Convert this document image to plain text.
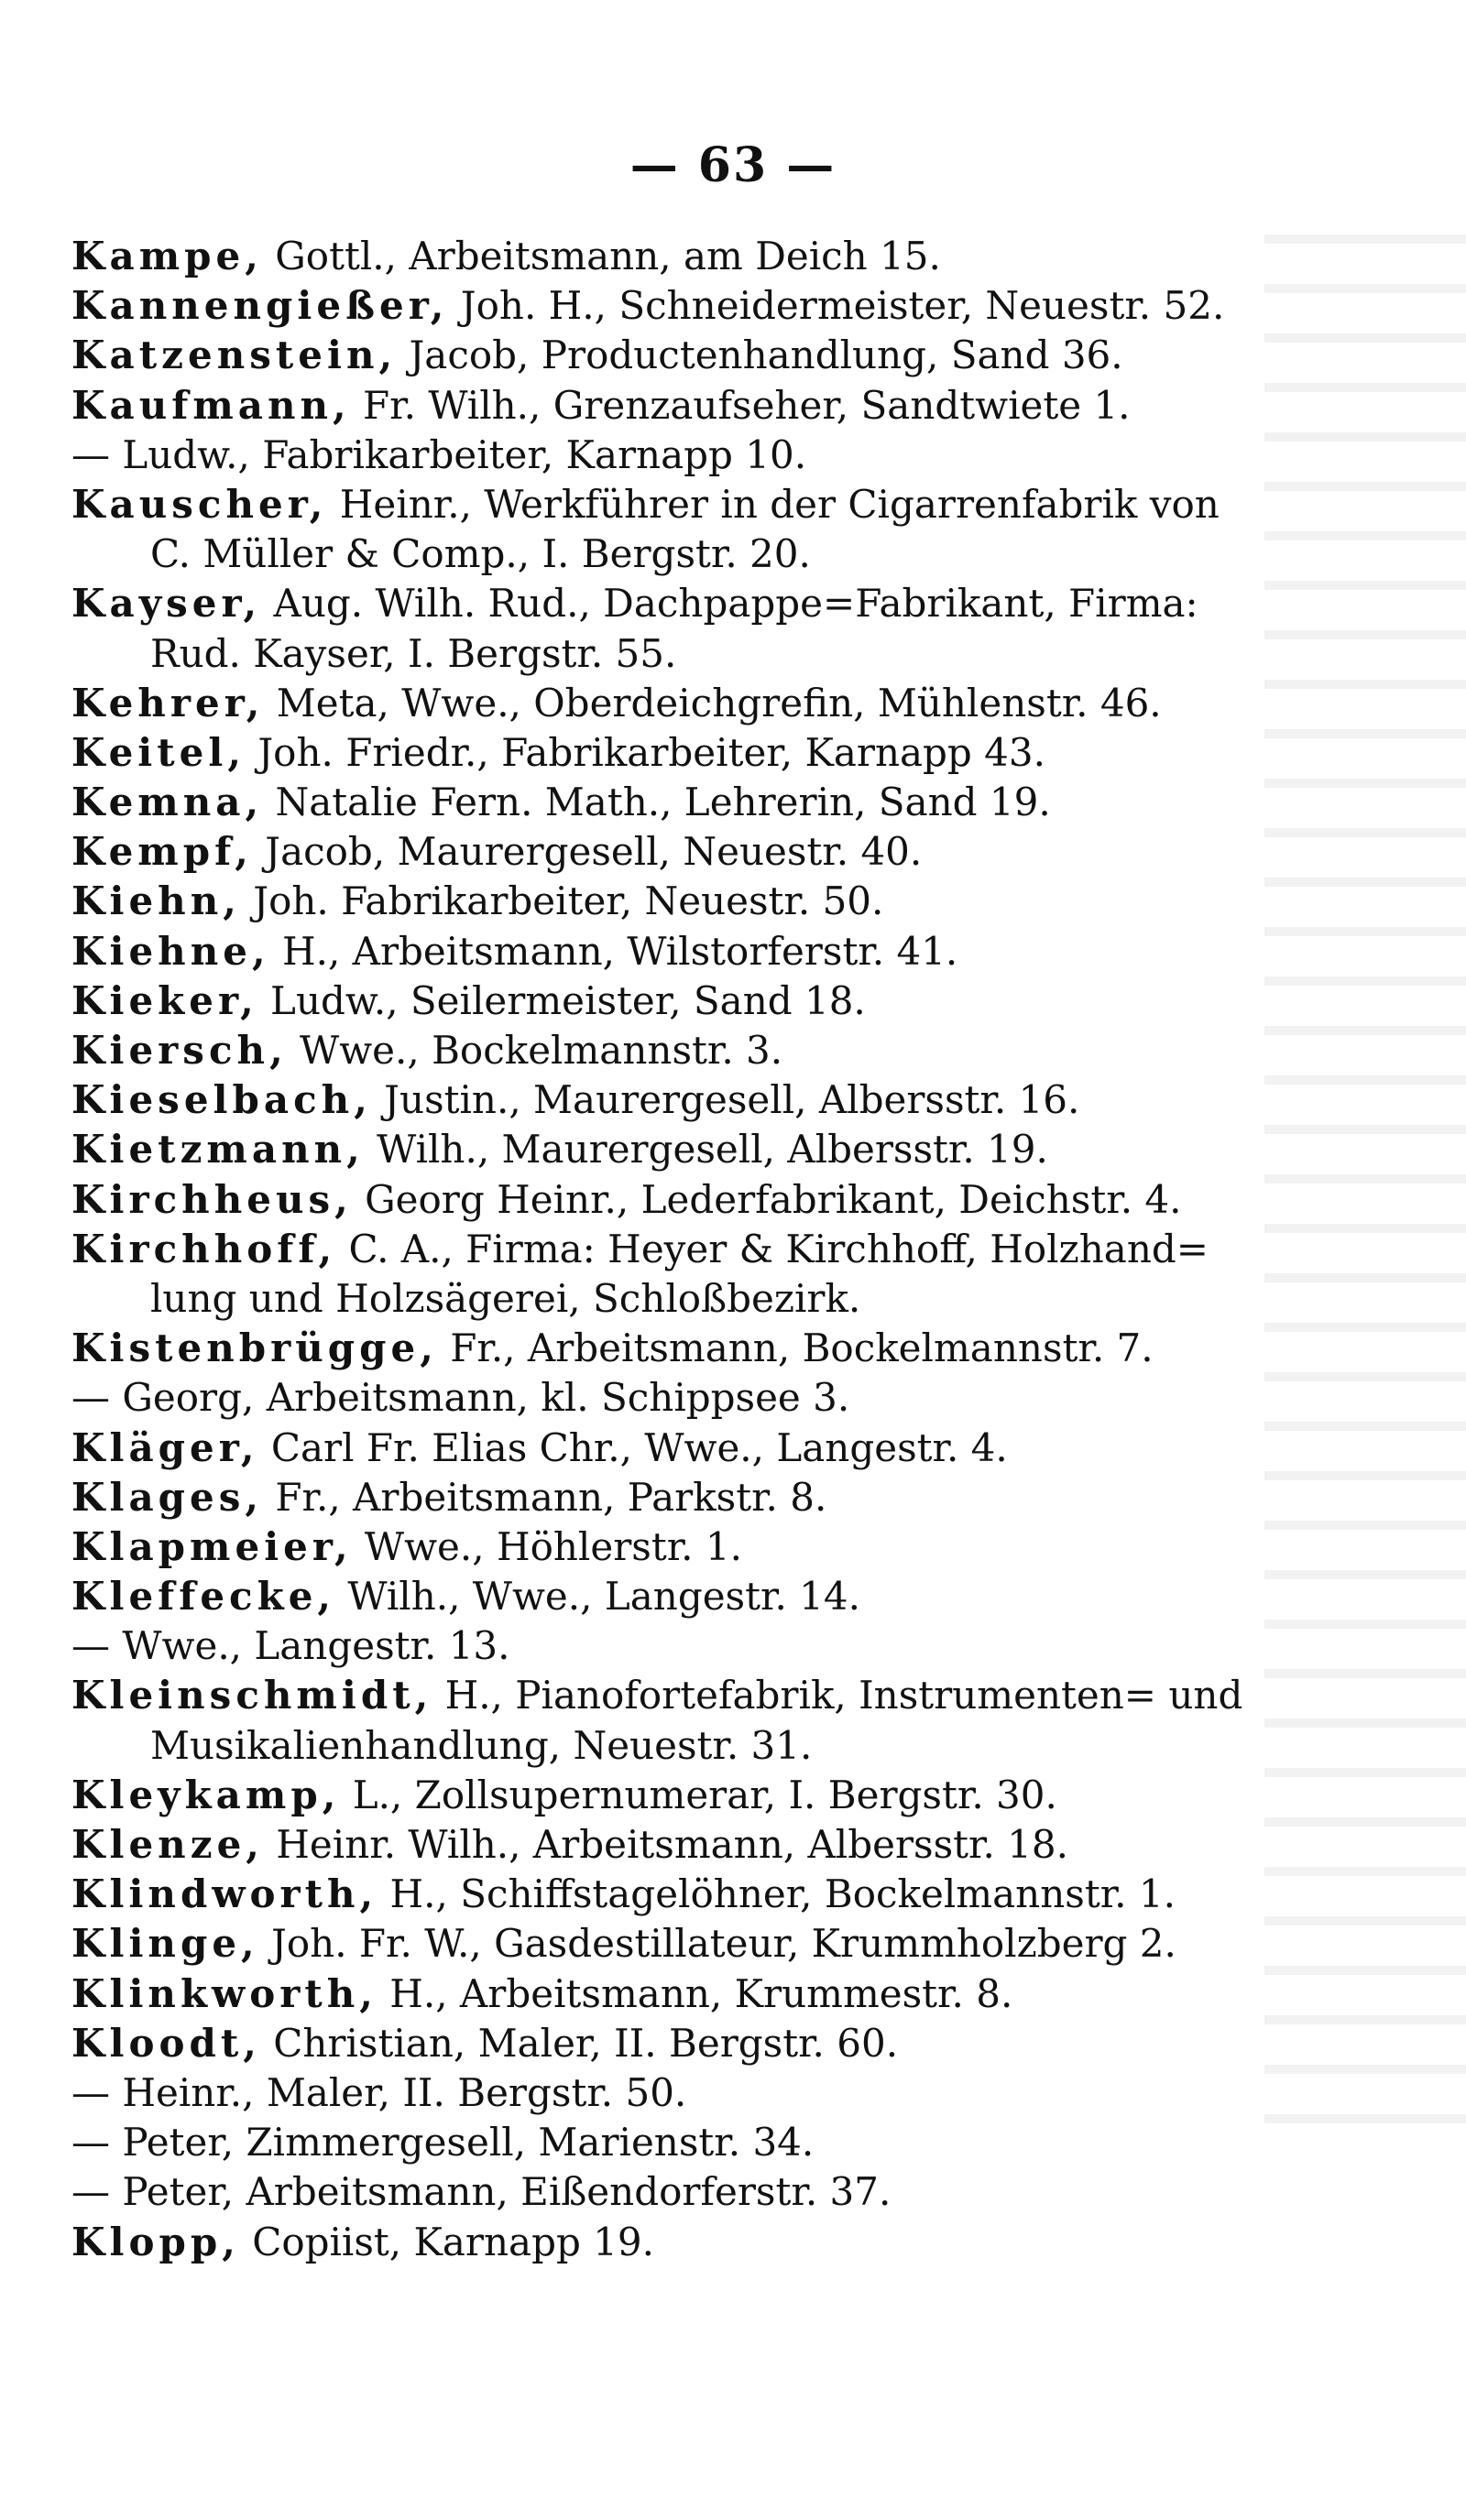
— 63 —
Kampe, Gottl., Arbeitsmann, am Deich 15.
Kannengießer, Joh. H., Schneidermeister, Neuestr. 52.
Katzenstein, Jacob, Productenhandlung, Sand 36.
Kaufmann, Fr. Wilh., Grenzaufseher, Sandtwiete 1.
— Ludw., Fabrikarbeiter, Karnapp 10.
Kauscher, Heinr., Werkführer in der Cigarrenfabrik von
C. Müller & Comp., I. Bergstr. 20.
Kayser, Aug. Wilh. Rud., Dachpappe=Fabrikant, Firma:
Rud. Kayser, I. Bergstr. 55.
Kehrer, Meta, Wwe., Oberdeichgrefin, Mühlenstr. 46.
Keitel, Joh. Friedr., Fabrikarbeiter, Karnapp 43.
Kemna, Natalie Fern. Math., Lehrerin, Sand 19.
Kempf, Jacob, Maurergesell, Neuestr. 40.
Kiehn, Joh. Fabrikarbeiter, Neuestr. 50.
Kiehne, H., Arbeitsmann, Wilstorferstr. 41.
Kieker, Ludw., Seilermeister, Sand 18.
Kiersch, Wwe., Bockelmannstr. 3.
Kieselbach, Justin., Maurergesell, Albersstr. 16.
Kietzmann, Wilh., Maurergesell, Albersstr. 19.
Kirchheus, Georg Heinr., Lederfabrikant, Deichstr. 4.
Kirchhoff, C. A., Firma: Heyer & Kirchhoff, Holzhand=
lung und Holzsägerei, Schloßbezirk.
Kistenbrügge, Fr., Arbeitsmann, Bockelmannstr. 7.
— Georg, Arbeitsmann, kl. Schippsee 3.
Kläger, Carl Fr. Elias Chr., Wwe., Langestr. 4.
Klages, Fr., Arbeitsmann, Parkstr. 8.
Klapmeier, Wwe., Höhlerstr. 1.
Kleffecke, Wilh., Wwe., Langestr. 14.
— Wwe., Langestr. 13.
Kleinschmidt, H., Pianofortefabrik, Instrumenten= und
Musikalienhandlung, Neuestr. 31.
Kleykamp, L., Zollsupernumerar, I. Bergstr. 30.
Klenze, Heinr. Wilh., Arbeitsmann, Albersstr. 18.
Klindworth, H., Schiffstagelöhner, Bockelmannstr. 1.
Klinge, Joh. Fr. W., Gasdestillateur, Krummholzberg 2.
Klinkworth, H., Arbeitsmann, Krummestr. 8.
Kloodt, Christian, Maler, II. Bergstr. 60.
— Heinr., Maler, II. Bergstr. 50.
— Peter, Zimmergesell, Marienstr. 34.
— Peter, Arbeitsmann, Eißendorferstr. 37.
Klopp, Copiist, Karnapp 19.
